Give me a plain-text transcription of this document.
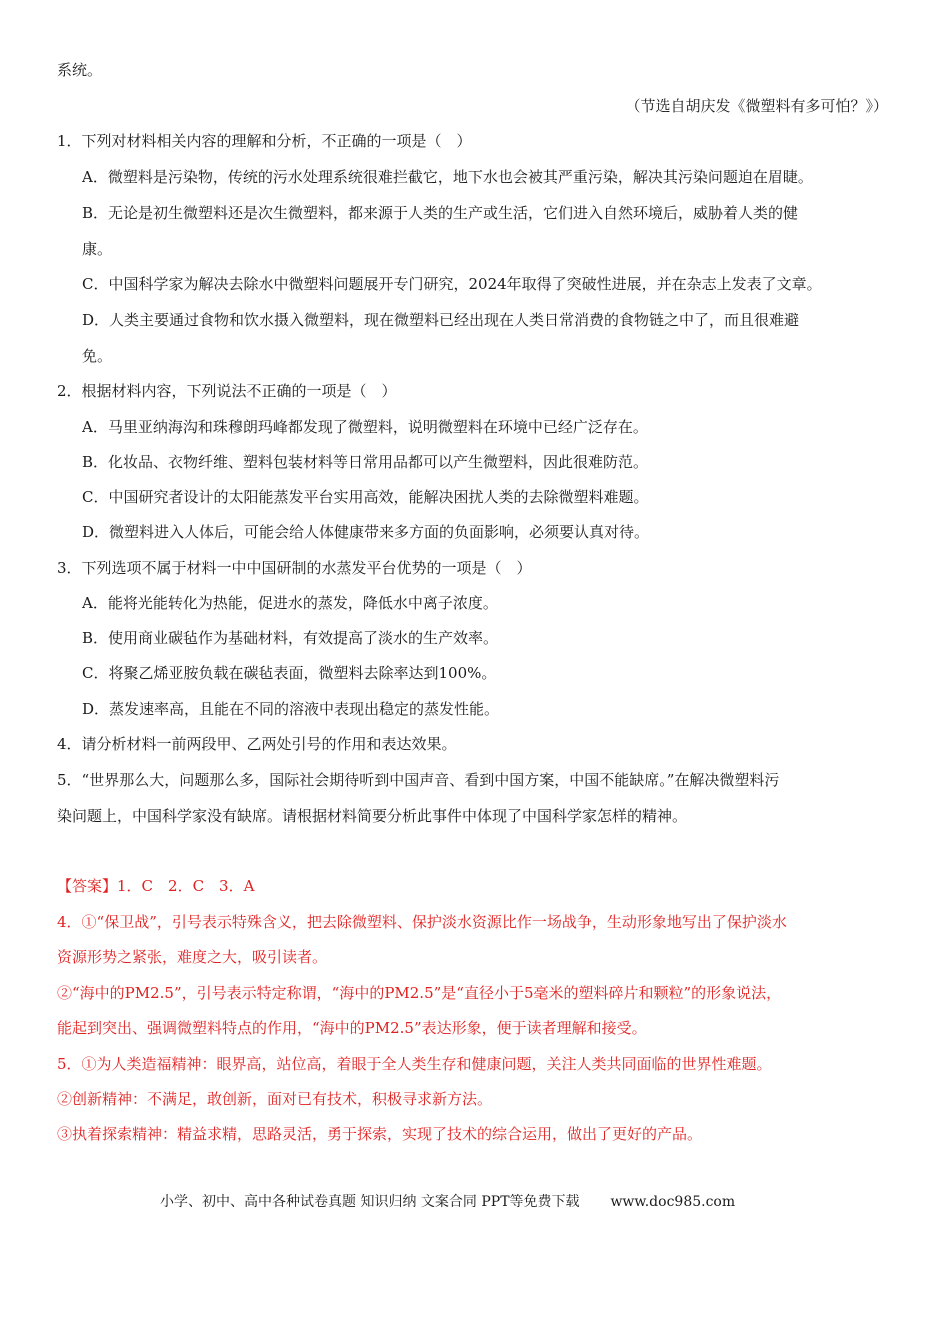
系统。
（节选自胡庆发《微塑料有多可怕？》）
1．下列对材料相关内容的理解和分析，不正确的一项是（　）
A．微塑料是污染物，传统的污水处理系统很难拦截它，地下水也会被其严重污染，解决其污染问题迫在眉睫。
B．无论是初生微塑料还是次生微塑料，都来源于人类的生产或生活，它们进入自然环境后，威胁着人类的健
康。
C．中国科学家为解决去除水中微塑料问题展开专门研究，2024年取得了突破性进展，并在杂志上发表了文章。
D．人类主要通过食物和饮水摄入微塑料，现在微塑料已经出现在人类日常消费的食物链之中了，而且很难避
免。
2．根据材料内容，下列说法不正确的一项是（　）
A．马里亚纳海沟和珠穆朗玛峰都发现了微塑料，说明微塑料在环境中已经广泛存在。
B．化妆品、衣物纤维、塑料包装材料等日常用品都可以产生微塑料，因此很难防范。
C．中国研究者设计的太阳能蒸发平台实用高效，能解决困扰人类的去除微塑料难题。
D．微塑料进入人体后，可能会给人体健康带来多方面的负面影响，必须要认真对待。
3．下列选项不属于材料一中中国研制的水蒸发平台优势的一项是（　）
A．能将光能转化为热能，促进水的蒸发，降低水中离子浓度。
B．使用商业碳毡作为基础材料，有效提高了淡水的生产效率。
C．将聚乙烯亚胺负载在碳毡表面，微塑料去除率达到100%。
D．蒸发速率高，且能在不同的溶液中表现出稳定的蒸发性能。
4．请分析材料一前两段甲、乙两处引号的作用和表达效果。
5．“世界那么大，问题那么多，国际社会期待听到中国声音、看到中国方案，中国不能缺席。”在解决微塑料污
染问题上，中国科学家没有缺席。请根据材料简要分析此事件中体现了中国科学家怎样的精神。
【答案】1．C　2．C　3．A
4．①“保卫战”，引号表示特殊含义，把去除微塑料、保护淡水资源比作一场战争，生动形象地写出了保护淡水
资源形势之紧张，难度之大，吸引读者。
②“海中的PM2.5”，引号表示特定称谓，“海中的PM2.5”是“直径小于5毫米的塑料碎片和颗粒”的形象说法，
能起到突出、强调微塑料特点的作用，“海中的PM2.5”表达形象，便于读者理解和接受。
5．①为人类造福精神：眼界高，站位高，着眼于全人类生存和健康问题，关注人类共同面临的世界性难题。
②创新精神：不满足，敢创新，面对已有技术，积极寻求新方法。
③执着探索精神：精益求精，思路灵活，勇于探索，实现了技术的综合运用，做出了更好的产品。
小学、初中、高中各种试卷真题 知识归纳 文案合同 PPT等免费下载 www.doc985.com
